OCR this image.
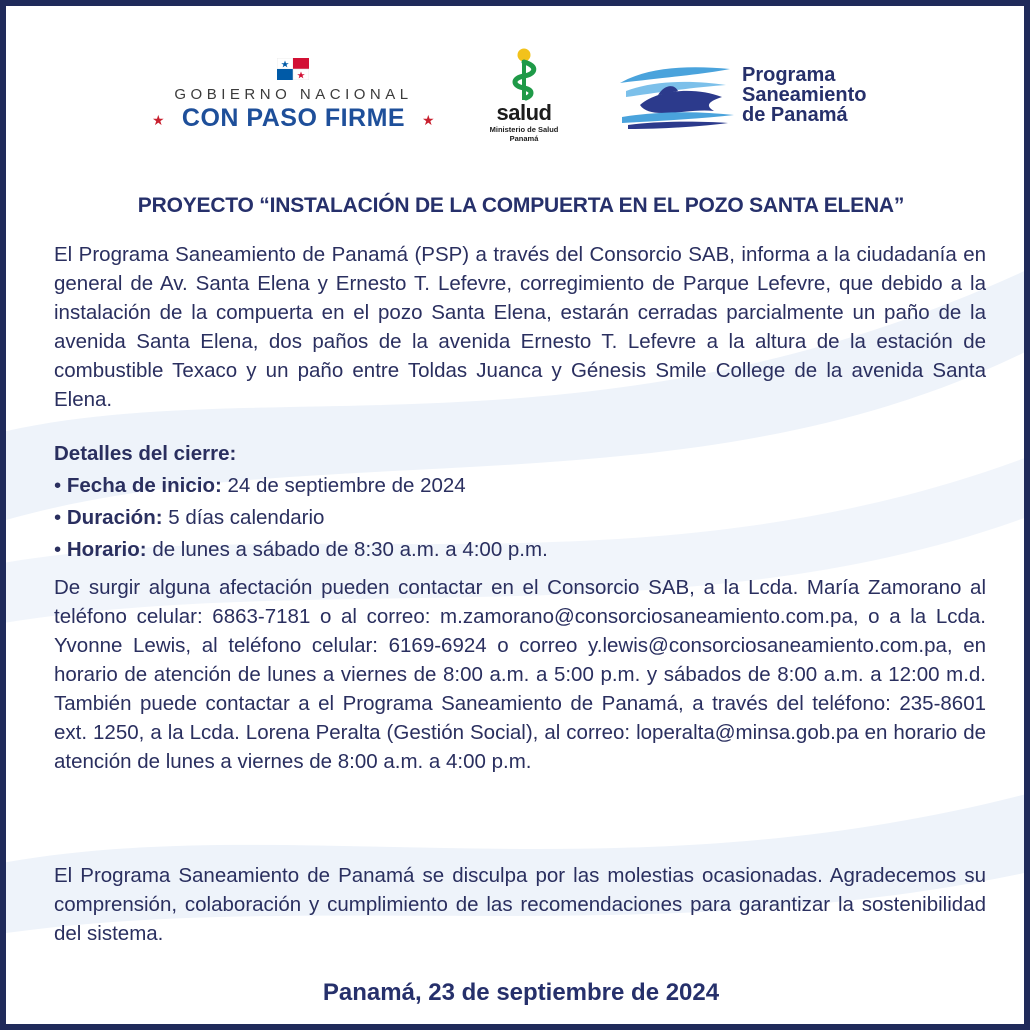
GOBIERNO NACIONAL
CON PASO FIRME
★	★	salud
Ministerio de Salud
Panamá
Programa
Saneamiento
de Panamá
PROYECTO “INSTALACIÓN DE LA COMPUERTA EN EL POZO SANTA ELENA”

El Programa Saneamiento de Panamá (PSP) a través del Consorcio SAB, informa a la ciudadanía en general de Av. Santa Elena y Ernesto T. Lefevre, corregimiento de Parque Lefevre, que debido a la instalación de la compuerta en el pozo Santa Elena, estarán cerradas parcialmente un paño de la avenida Santa Elena, dos paños de la avenida Ernesto T. Lefevre a la altura de la estación de combustible Texaco y un paño entre Toldas Juanca y Génesis Smile College de la avenida Santa Elena.

Detalles del cierre:
• Fecha de inicio: 24 de septiembre de 2024
• Duración: 5 días calendario
• Horario: de lunes a sábado de 8:30 a.m. a 4:00 p.m.

De surgir alguna afectación pueden contactar en el Consorcio SAB, a la Lcda. María Zamorano al teléfono celular: 6863-7181 o al correo: m.zamorano@consorciosaneamiento.com.pa, o a la Lcda. Yvonne Lewis, al teléfono celular: 6169-6924 o correo y.lewis@consorciosaneamiento.com.pa, en horario de atención de lunes a viernes de 8:00 a.m. a 5:00 p.m. y sábados de 8:00 a.m. a 12:00 m.d. También puede contactar a el Programa Saneamiento de Panamá, a través del teléfono: 235-8601 ext. 1250, a la Lcda. Lorena Peralta (Gestión Social), al correo: loperalta@minsa.gob.pa en horario de atención de lunes a viernes de 8:00 a.m. a 4:00 p.m.

El Programa Saneamiento de Panamá se disculpa por las molestias ocasionadas. Agradecemos su comprensión, colaboración y cumplimiento de las recomendaciones para garantizar la sostenibilidad del sistema.

Panamá, 23 de septiembre de 2024
